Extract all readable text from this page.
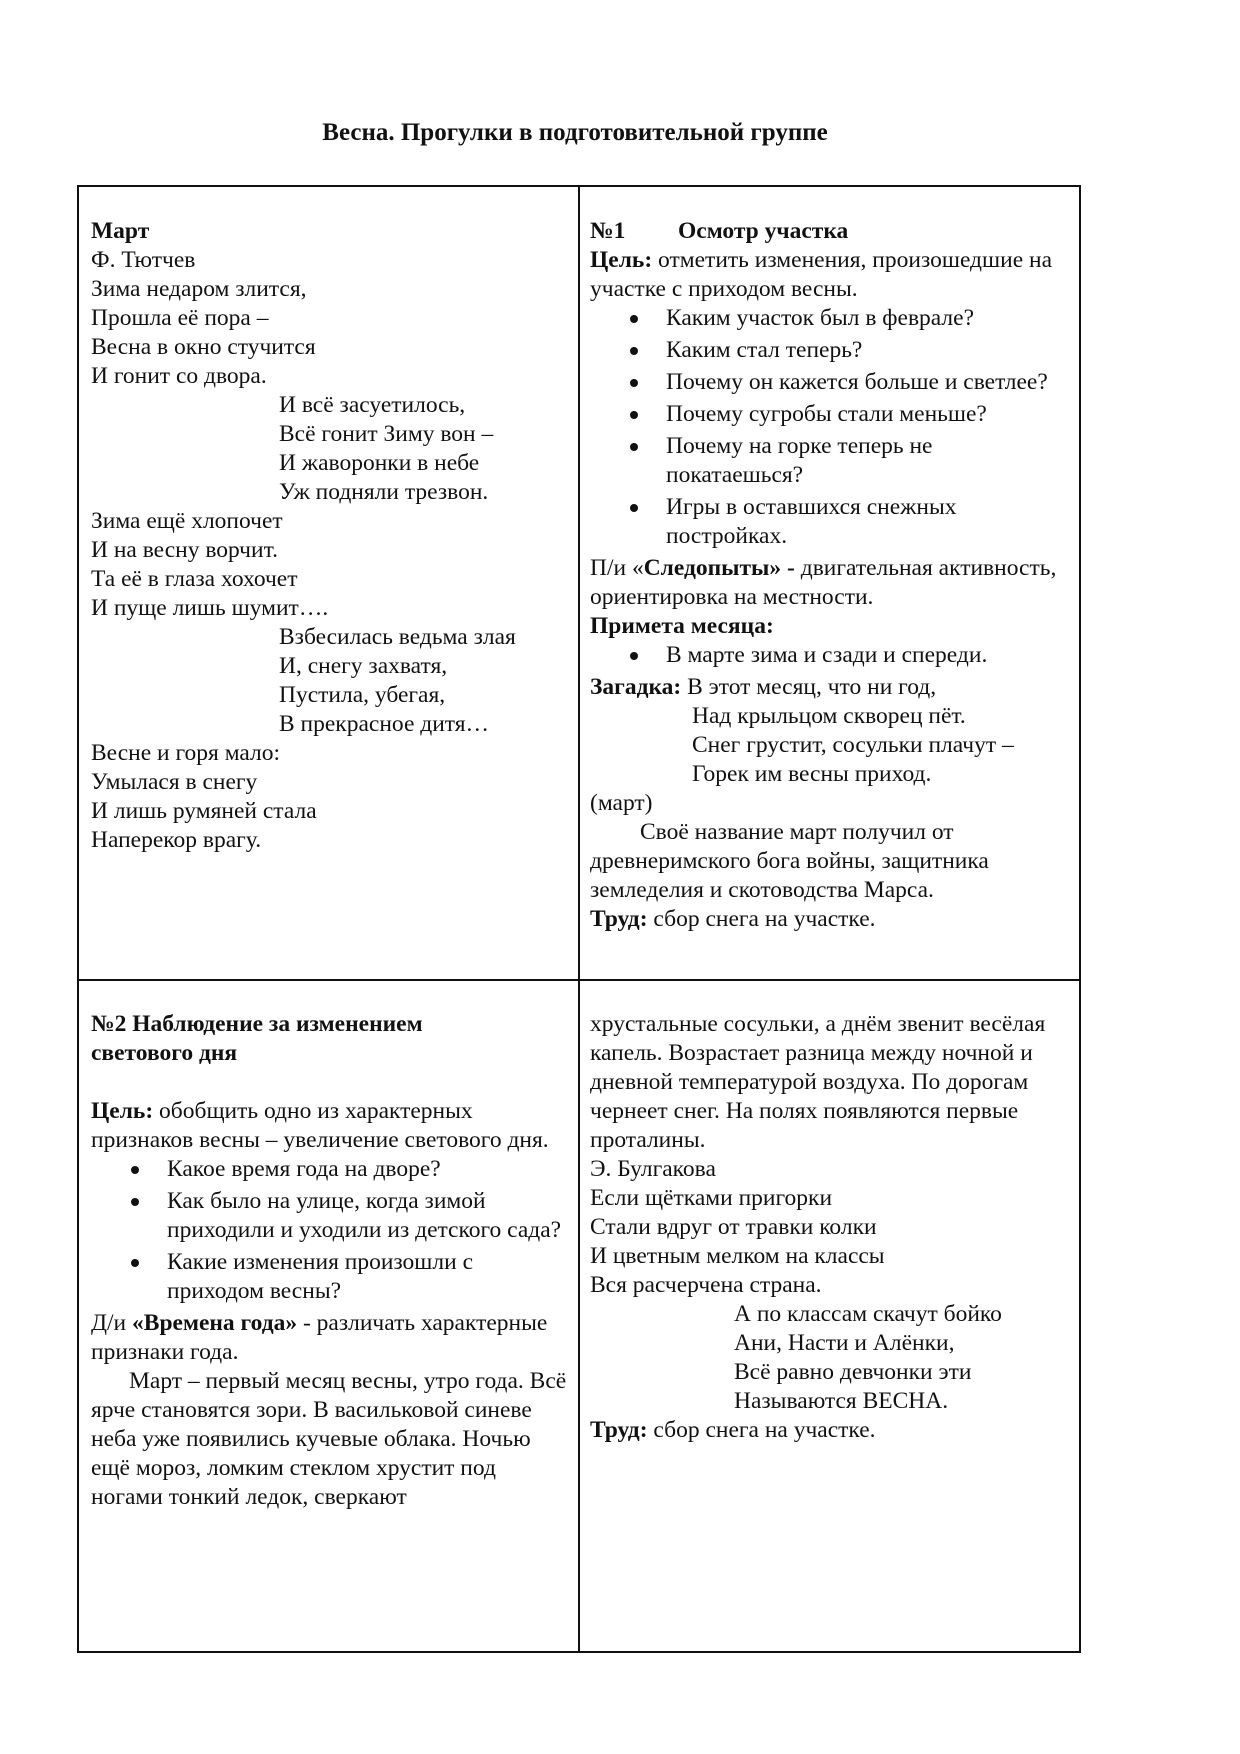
Весна. Прогулки в подготовительной группе
Март
Ф. Тютчев
Зима недаром злится,
Прошла её пора –
Весна в окно стучится
И гонит со двора.
И всё засуетилось,
Всё гонит Зиму вон –
И жаворонки в небе
Уж подняли трезвон.
Зима ещё хлопочет
И на весну ворчит.
Та её в глаза хохочет
И пуще лишь шумит….
Взбесилась ведьма злая
И, снегу захватя,
Пустила, убегая,
В прекрасное дитя…
Весне и горя мало:
Умылася в снегу
И лишь румяней стала
Наперекор врагу.
№1 Осмотр участка
Цель: отметить изменения, произошедшие на участке с приходом весны.
Каким участок был в феврале?
Каким стал теперь?
Почему он кажется больше и светлее?
Почему сугробы стали меньше?
Почему на горке теперь не покатаешься?
Игры в оставшихся снежных постройках.
П/и «Следопыты» - двигательная активность, ориентировка на местности.
Примета месяца:
В марте зима и сзади и спереди.
Загадка: В этот месяц, что ни год,
Над крыльцом скворец пёт.
Снег грустит, сосульки плачут –
Горек им весны приход.
(март)
Своё название март получил от древнеримского бога войны, защитника земледелия и скотоводства Марса.
Труд: сбор снега на участке.
№2 Наблюдение за изменением
светового дня
Цель: обобщить одно из характерных признаков весны – увеличение светового дня.
Какое время года на дворе?
Как было на улице, когда зимой приходили и уходили из детского сада?
Какие изменения произошли с приходом весны?
Д/и «Времена года» - различать характерные признаки года.
Март – первый месяц весны, утро года. Всё ярче становятся зори. В васильковой синеве неба уже появились кучевые облака. Ночью ещё мороз, ломким стеклом хрустит под ногами тонкий ледок, сверкают
хрустальные сосульки, а днём звенит весёлая капель. Возрастает разница между ночной и дневной температурой воздуха. По дорогам чернеет снег. На полях появляются первые проталины.
Э. Булгакова
Если щётками пригорки
Стали вдруг от травки колки
И цветным мелком на классы
Вся расчерчена страна.
А по классам скачут бойко
Ани, Насти и Алёнки,
Всё равно девчонки эти
Называются ВЕСНА.
Труд: сбор снега на участке.
